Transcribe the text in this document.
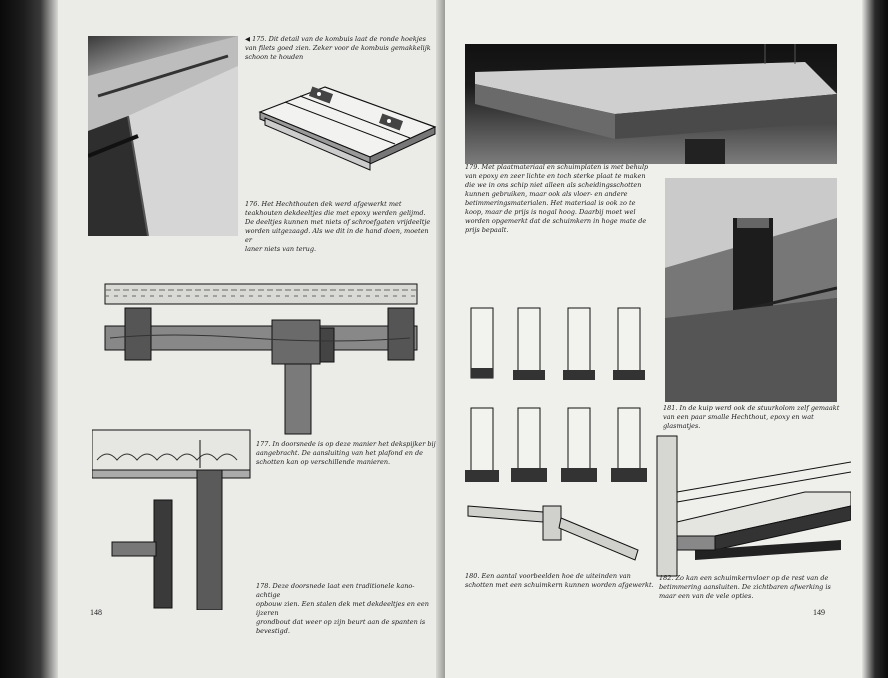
◀ 175. Dit detail van de kombuis laat de ronde hoekjes
van filets goed zien. Zeker voor de kombuis gemakkelijk
schoon te houden

176. Het Hechthouten dek werd afgewerkt met
teakhouten dekdeeltjes die met epoxy werden gelijmd.
De deeltjes kunnen met niets of schroefgaten vrijdeeltje
worden uitgezaagd. Als we dit in de hand doen, moeten er
laner niets van terug.

177. In doorsnede is op deze manier het dekspijker bij
aangebracht. De aansluiting van het plafond en de
schotten kan op verschillende manieren.

178. Deze doorsnede laat een traditionele kano-achtige
opbouw zien. Een stalen dek met dekdeeltjes en een ijzeren
grondbout dat weer op zijn beurt aan de spanten is
bevestigd.

148

179. Met plaatmateriaal en schuimplaten is met behulp
van epoxy en zeer lichte en toch sterke plaat te maken
die we in ons schip niet alleen als scheidingsschotten
kunnen gebruiken, maar ook als vloer- en andere
betimmeringsmaterialen. Het materiaal is ook zo te
koop, maar de prijs is nogal hoog. Daarbij moet wel
worden opgemerkt dat de schuimkern in hoge mate de
prijs bepaalt.

180. Een aantal voorbeelden hoe de uiteinden van
schotten met een schuimkern kunnen worden afgewerkt.

181. In de kuip werd ook de stuurkolom zelf gemaakt
van een paar smalle Hechthout, epoxy en wat
glasmatjes.

182. Zo kan een schuimkernvloer op de rest van de
betimmering aansluiten. De zichtbaren afwerking is
maar een van de vele opties.

149
